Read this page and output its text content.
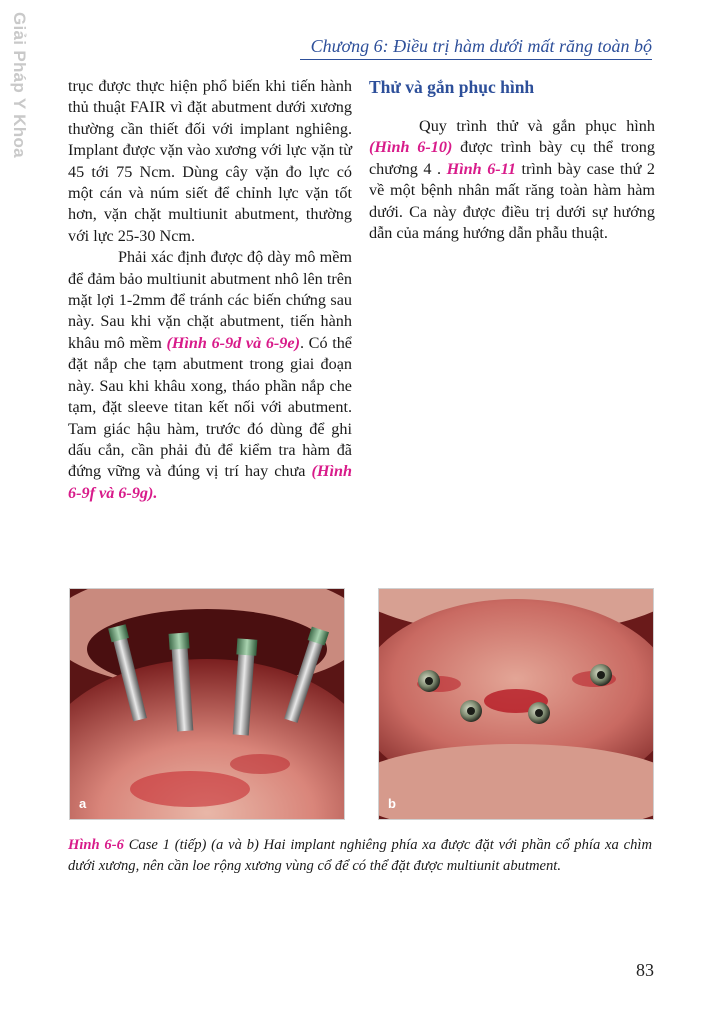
Giải Pháp Y Khoa	Chương 6: Điều trị hàm dưới mất răng toàn bộ

trục được thực hiện phổ biến khi tiến hành thủ thuật FAIR vì đặt abutment dưới xương thường cần thiết đối với implant nghiêng. Implant được vặn vào xương với lực vặn từ 45 tới 75 Ncm. Dùng cây vặn đo lực có một cán và núm siết để chỉnh lực vặn tốt hơn, vặn chặt multiunit abutment, thường với lực 25-30 Ncm.

Phải xác định được độ dày mô mềm để đảm bảo multiunit abutment nhô lên trên mặt lợi 1-2mm để tránh các biến chứng sau này. Sau khi vặn chặt abutment, tiến hành khâu mô mềm (Hình 6-9d và 6-9e). Có thể đặt nắp che tạm abutment trong giai đoạn này. Sau khi khâu xong, tháo phần nắp che tạm, đặt sleeve titan kết nối với abutment. Tam giác hậu hàm, trước đó dùng để ghi dấu cắn, cần phải đủ để kiểm tra hàm đã đứng vững và đúng vị trí hay chưa (Hình 6-9f và 6-9g).

Thử và gắn phục hình

Quy trình thử và gắn phục hình (Hình 6-10) được trình bày cụ thể trong chương 4 . Hình 6-11 trình bày case thứ 2 về một bệnh nhân mất răng toàn hàm hàm dưới. Ca này được điều trị dưới sự hướng dẫn của máng hướng dẫn phẫu thuật.

a	b
Hình 6-6 Case 1 (tiếp) (a và b) Hai implant nghiêng phía xa được đặt với phần cổ phía xa chìm dưới xương, nên cần loe rộng xương vùng cổ để có thể đặt được multiunit abutment.
83
